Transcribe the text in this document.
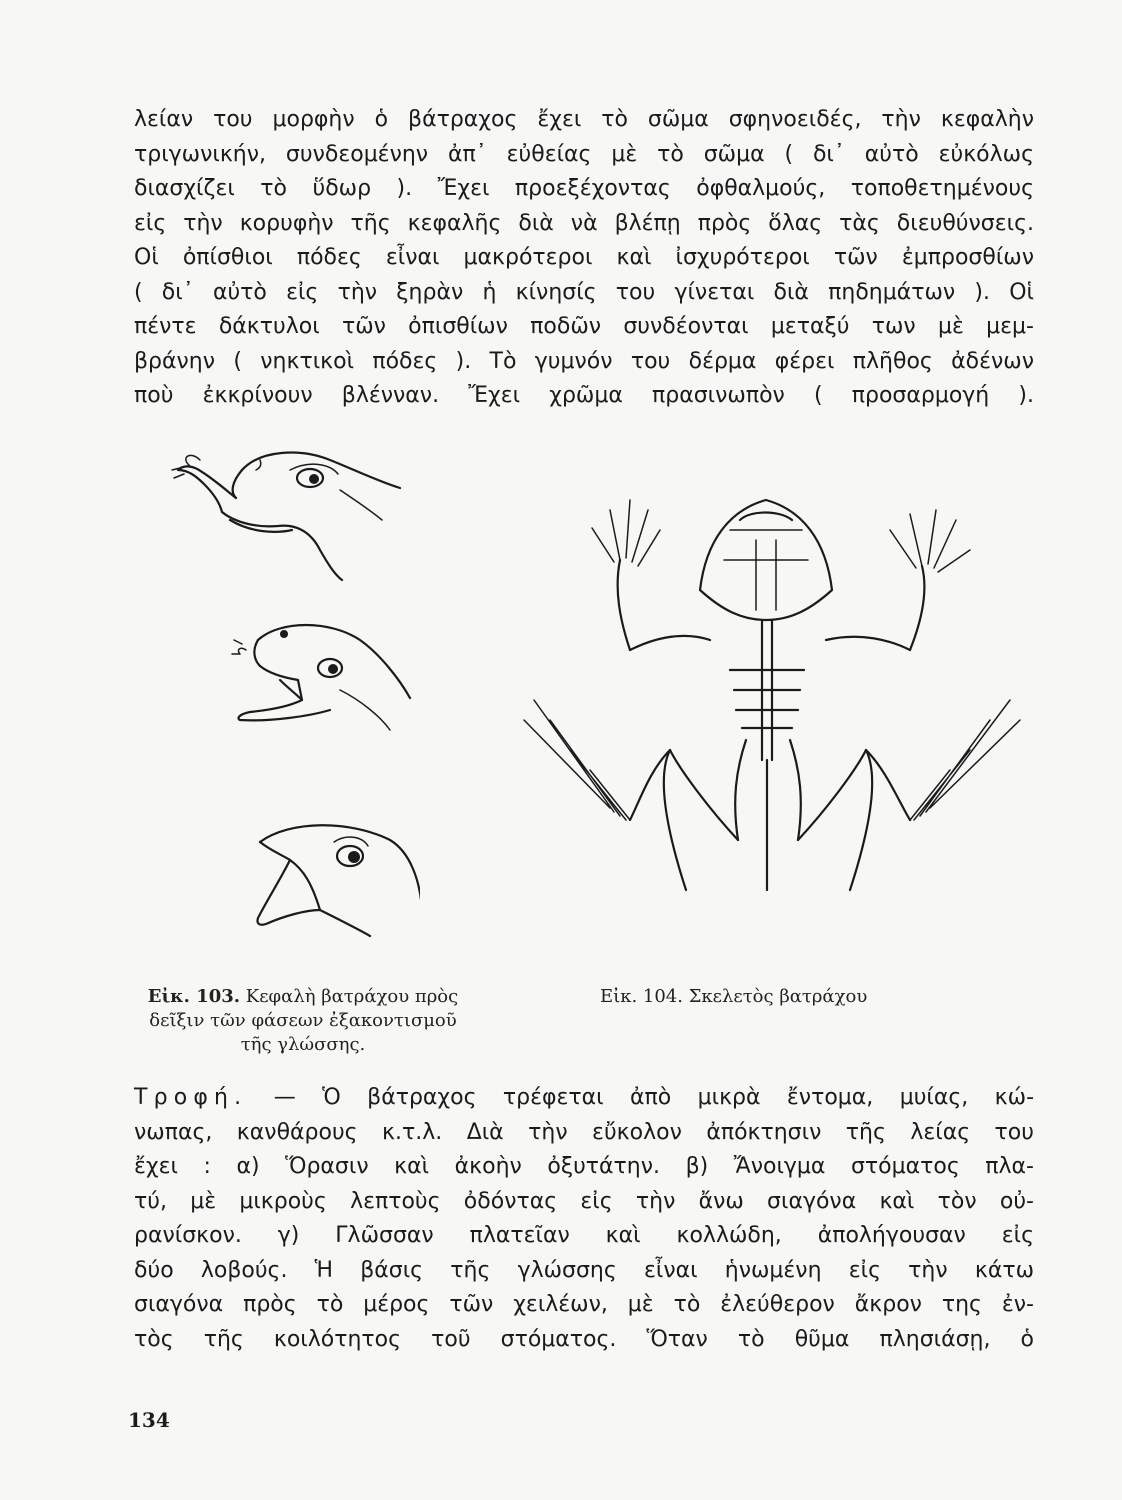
λείαν του μορφὴν ὁ βάτραχος ἔχει τὸ σῶμα σφηνοειδές, τὴν κεφαλὴν
τριγωνικήν, συνδεομένην ἀπ᾽ εὐθείας μὲ τὸ σῶμα ( δι᾽ αὐτὸ εὐκόλως
διασχίζει τὸ ὕδωρ ). Ἔχει προεξέχοντας ὀφθαλμούς, τοποθετημένους
εἰς τὴν κορυφὴν τῆς κεφαλῆς διὰ νὰ βλέπῃ πρὸς ὅλας τὰς διευθύνσεις.
Οἱ ὀπίσθιοι πόδες εἶναι μακρότεροι καὶ ἰσχυρότεροι τῶν ἐμπροσθίων
( δι᾽ αὐτὸ εἰς τὴν ξηρὰν ἡ κίνησίς του γίνεται διὰ πηδημάτων ). Οἱ
πέντε δάκτυλοι τῶν ὀπισθίων ποδῶν συνδέονται μεταξύ των μὲ μεμ-
βράνην ( νηκτικοὶ πόδες ). Τὸ γυμνόν του δέρμα φέρει πλῆθος ἀδένων
ποὺ ἐκκρίνουν βλένναν. Ἔχει χρῶμα πρασινωπὸν ( προσαρμογή ).
Εἰκ. 103. Κεφαλὴ βατράχου πρὸς
δεῖξιν τῶν φάσεων ἐξακοντισμοῦ
τῆς γλώσσης.
Εἰκ. 104. Σκελετὸς βατράχου
Τροφή. — Ὁ βάτραχος τρέφεται ἀπὸ μικρὰ ἔντομα, μυίας, κώ-
νωπας, κανθάρους κ.τ.λ. Διὰ τὴν εὔκολον ἀπόκτησιν τῆς λείας του
ἔχει : α) Ὅρασιν καὶ ἀκοὴν ὀξυτάτην. β) Ἄνοιγμα στόματος πλα-
τύ, μὲ μικροὺς λεπτοὺς ὀδόντας εἰς τὴν ἄνω σιαγόνα καὶ τὸν οὐ-
ρανίσκον. γ) Γλῶσσαν πλατεῖαν καὶ κολλώδη, ἀπολήγουσαν εἰς
δύο λοβούς. Ἡ βάσις τῆς γλώσσης εἶναι ἡνωμένη εἰς τὴν κάτω
σιαγόνα πρὸς τὸ μέρος τῶν χειλέων, μὲ τὸ ἐλεύθερον ἄκρον της ἐν-
τὸς τῆς κοιλότητος τοῦ στόματος. Ὅταν τὸ θῦμα πλησιάσῃ, ὁ
134
